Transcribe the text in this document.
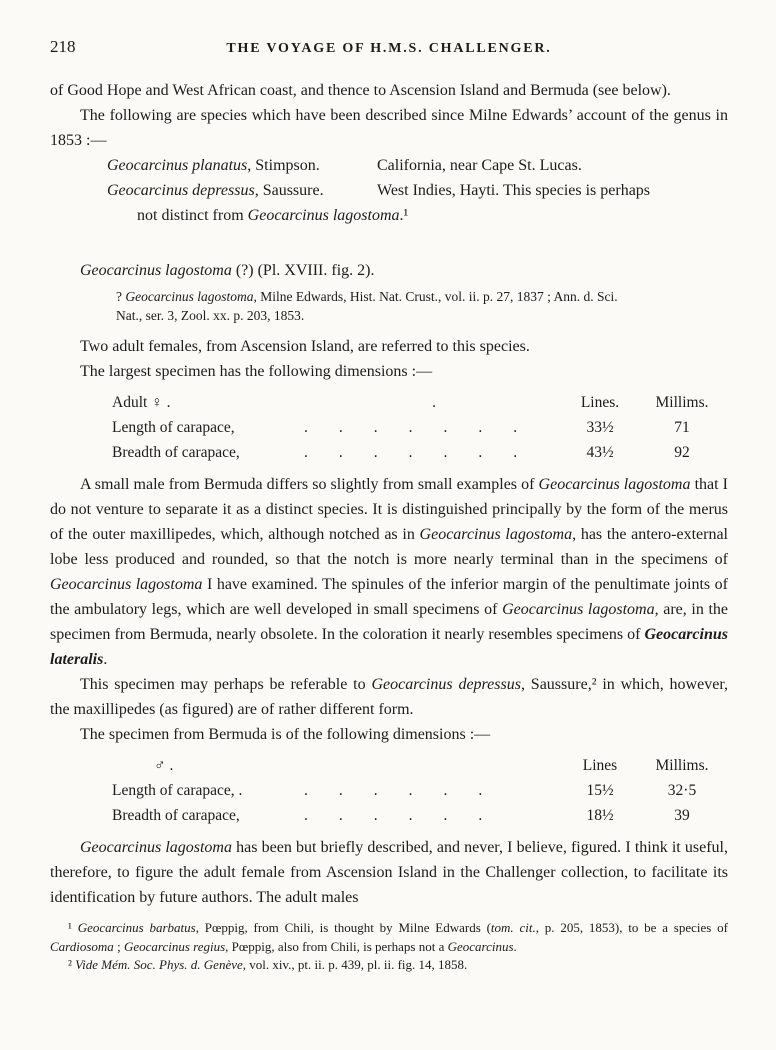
218	THE VOYAGE OF H.M.S. CHALLENGER.

of Good Hope and West African coast, and thence to Ascension Island and Bermuda (see below).

The following are species which have been described since Milne Edwards’ account of the genus in 1853 :—

Geocarcinus planatus, Stimpson.	California, near Cape St. Lucas.
Geocarcinus depressus, Saussure.	West Indies, Hayti. This species is perhaps
not distinct from Geocarcinus lagostoma.¹
Geocarcinus lagostoma (?) (Pl. XVIII. fig. 2).

? Geocarcinus lagostoma, Milne Edwards, Hist. Nat. Crust., vol. ii. p. 27, 1837 ; Ann. d. Sci.

Nat., ser. 3, Zool. xx. p. 203, 1853.

Two adult females, from Ascension Island, are referred to this species.

The largest specimen has the following dimensions :—

Adult ♀ .	.	Lines.	Millims.
Length of carapace,	.  .  .  .  .  .  .	33½	71
Breadth of carapace,	.  .  .  .  .  .  .	43½	92

A small male from Bermuda differs so slightly from small examples of Geocarcinus lagostoma that I do not venture to separate it as a distinct species. It is distinguished principally by the form of the merus of the outer maxillipedes, which, although notched as in Geocarcinus lagostoma, has the antero-external lobe less produced and rounded, so that the notch is more nearly terminal than in the specimens of Geocarcinus lagostoma I have examined. The spinules of the inferior margin of the penultimate joints of the ambulatory legs, which are well developed in small specimens of Geocarcinus lagostoma, are, in the specimen from Bermuda, nearly obsolete. In the coloration it nearly resembles specimens of Geocarcinus lateralis.

This specimen may perhaps be referable to Geocarcinus depressus, Saussure,² in which, however, the maxillipedes (as figured) are of rather different form.

The specimen from Bermuda is of the following dimensions :—

♂ .	Lines	Millims.
Length of carapace, .	.  .  .  .  .  .	15½	32·5
Breadth of carapace,	.  .  .  .  .  .	18½	39

Geocarcinus lagostoma has been but briefly described, and never, I believe, figured. I think it useful, therefore, to figure the adult female from Ascension Island in the Challenger collection, to facilitate its identification by future authors. The adult males

¹ Geocarcinus barbatus, Pœppig, from Chili, is thought by Milne Edwards (tom. cit., p. 205, 1853), to be a species of Cardiosoma ; Geocarcinus regius, Pœppig, also from Chili, is perhaps not a Geocarcinus.

² Vide Mém. Soc. Phys. d. Genève, vol. xiv., pt. ii. p. 439, pl. ii. fig. 14, 1858.
